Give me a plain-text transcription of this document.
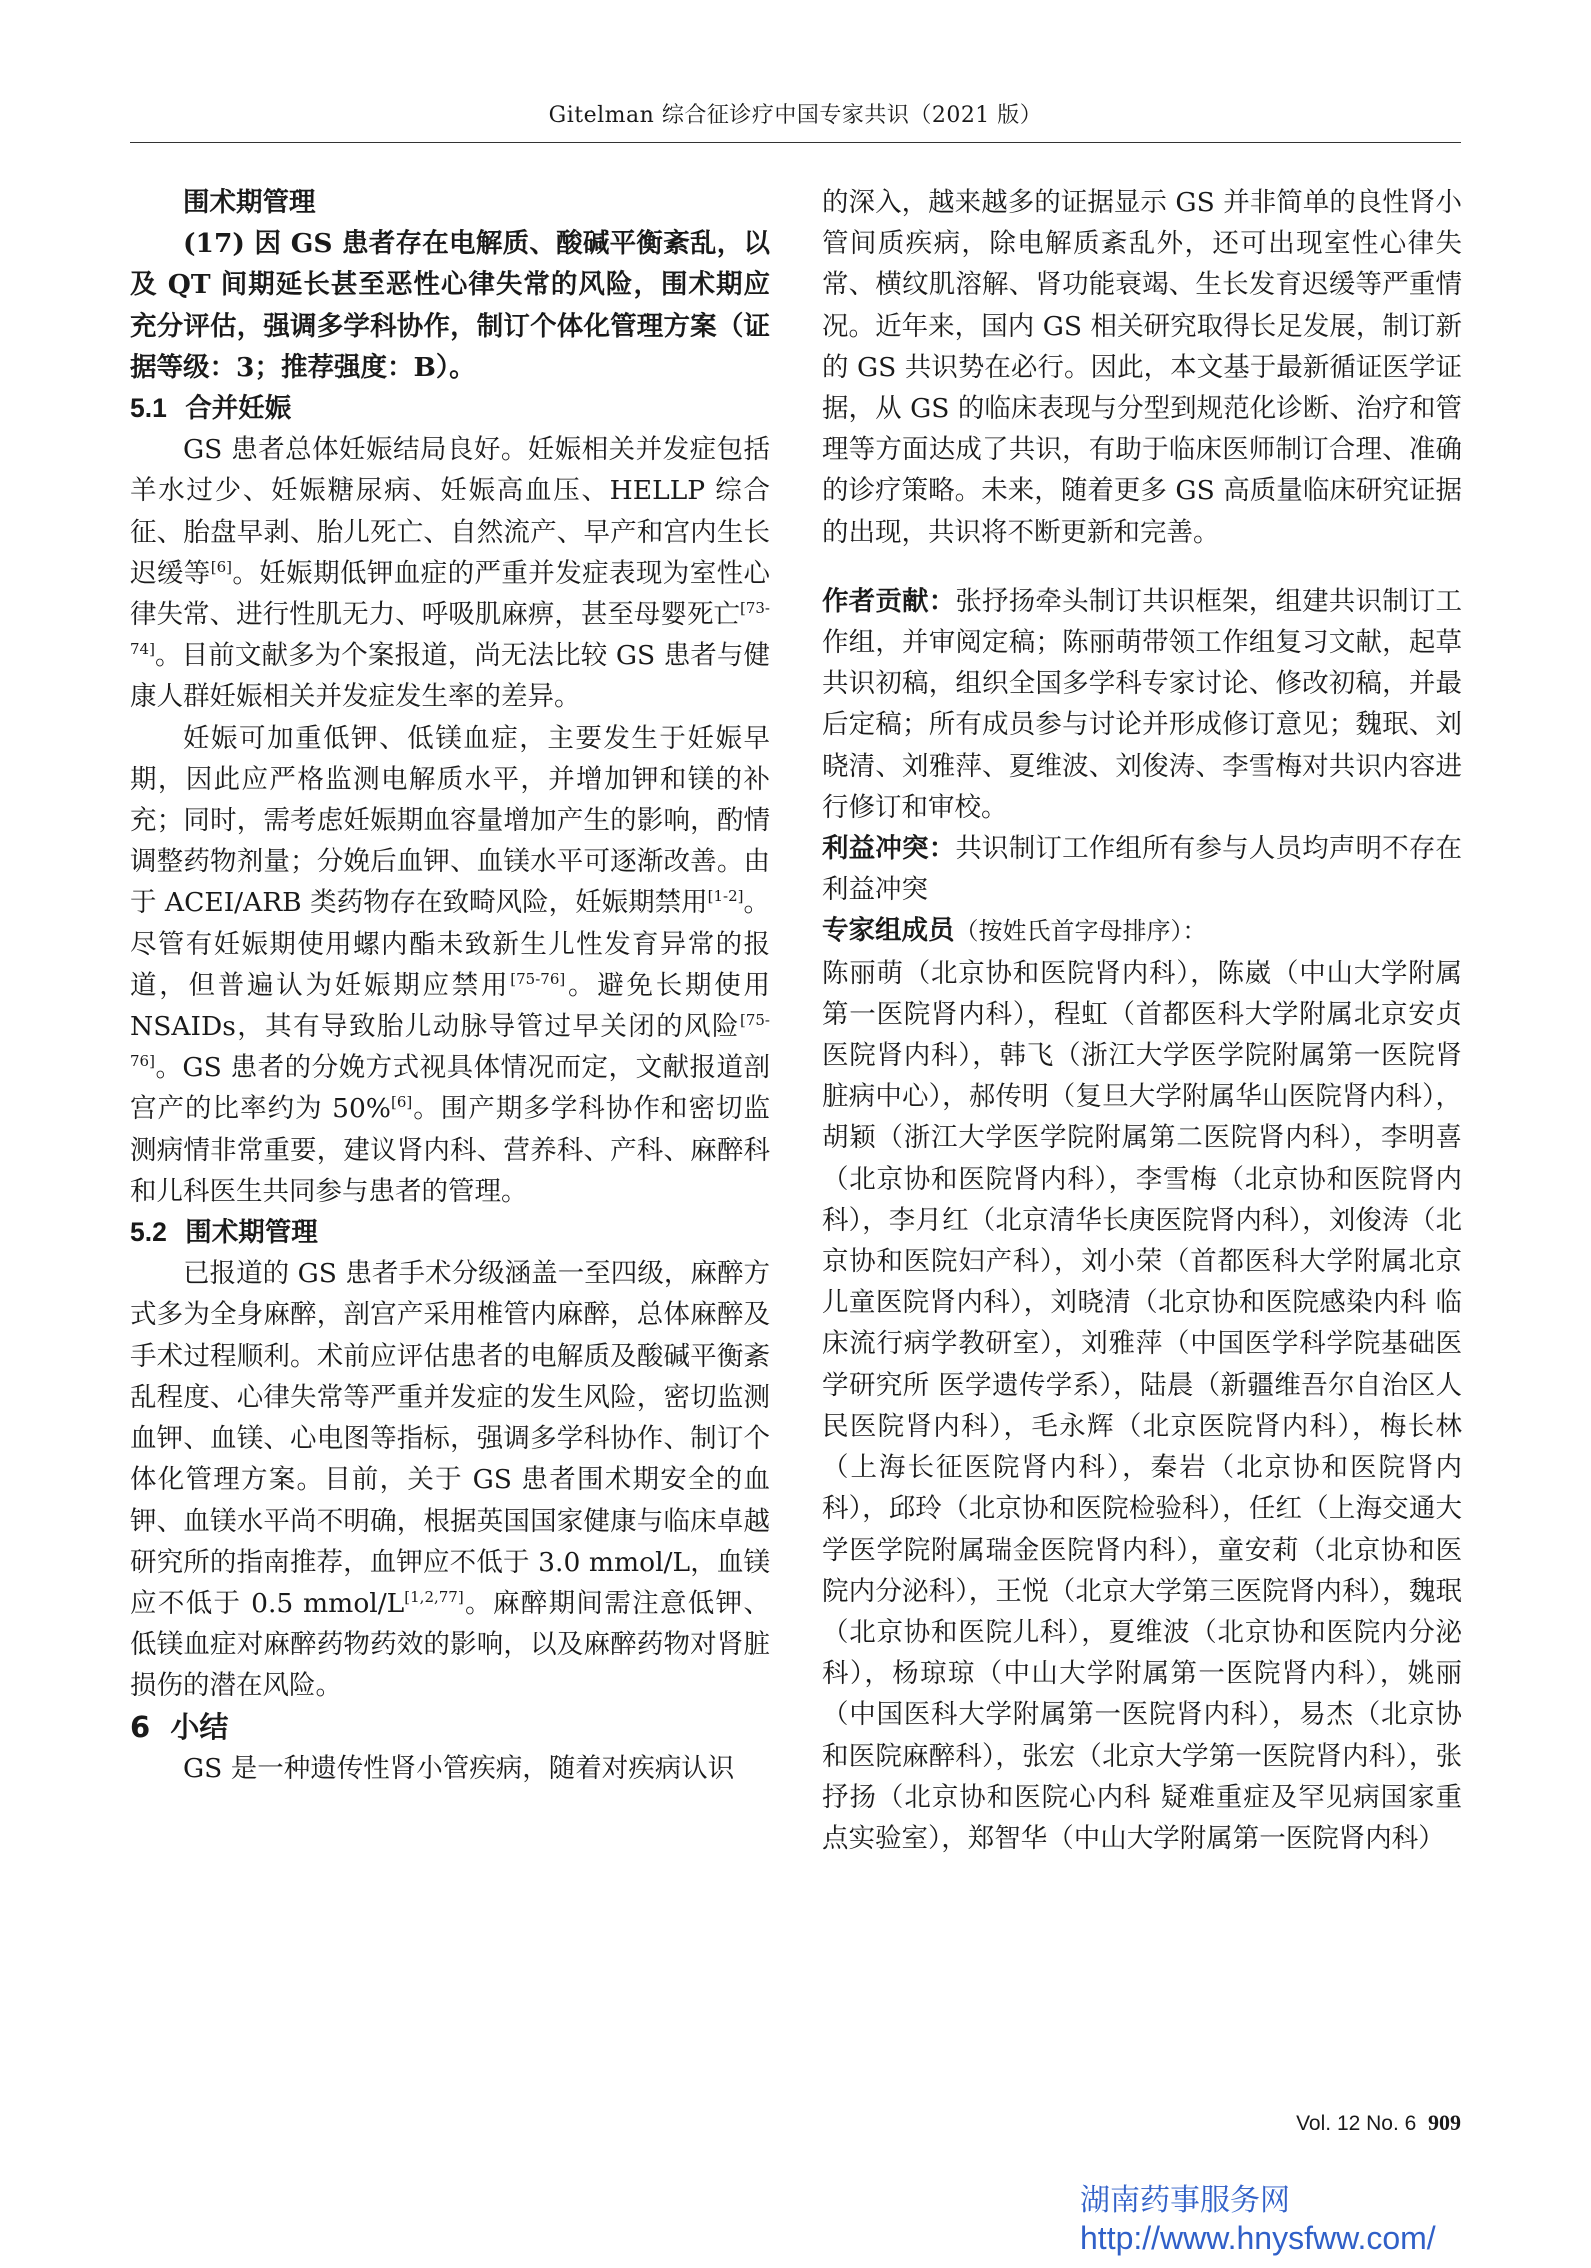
Gitelman 综合征诊疗中国专家共识（2021 版）

围术期管理

(17) 因 GS 患者存在电解质、酸碱平衡紊乱，以及 QT 间期延长甚至恶性心律失常的风险，围术期应充分评估，强调多学科协作，制订个体化管理方案（证据等级：3；推荐强度：B）。

5.1 合并妊娠

GS 患者总体妊娠结局良好。妊娠相关并发症包括羊水过少、妊娠糖尿病、妊娠高血压、HELLP 综合征、胎盘早剥、胎儿死亡、自然流产、早产和宫内生长迟缓等[6]。妊娠期低钾血症的严重并发症表现为室性心律失常、进行性肌无力、呼吸肌麻痹，甚至母婴死亡[73-74]。目前文献多为个案报道，尚无法比较 GS 患者与健康人群妊娠相关并发症发生率的差异。

妊娠可加重低钾、低镁血症，主要发生于妊娠早期，因此应严格监测电解质水平，并增加钾和镁的补充；同时，需考虑妊娠期血容量增加产生的影响，酌情调整药物剂量；分娩后血钾、血镁水平可逐渐改善。由于 ACEI/ARB 类药物存在致畸风险，妊娠期禁用[1-2]。尽管有妊娠期使用螺内酯未致新生儿性发育异常的报道，但普遍认为妊娠期应禁用[75-76]。避免长期使用 NSAIDs，其有导致胎儿动脉导管过早关闭的风险[75-76]。GS 患者的分娩方式视具体情况而定，文献报道剖宫产的比率约为 50%[6]。围产期多学科协作和密切监测病情非常重要，建议肾内科、营养科、产科、麻醉科和儿科医生共同参与患者的管理。

5.2 围术期管理

已报道的 GS 患者手术分级涵盖一至四级，麻醉方式多为全身麻醉，剖宫产采用椎管内麻醉，总体麻醉及手术过程顺利。术前应评估患者的电解质及酸碱平衡紊乱程度、心律失常等严重并发症的发生风险，密切监测血钾、血镁、心电图等指标，强调多学科协作、制订个体化管理方案。目前，关于 GS 患者围术期安全的血钾、血镁水平尚不明确，根据英国国家健康与临床卓越研究所的指南推荐，血钾应不低于 3.0 mmol/L，血镁应不低于 0.5 mmol/L[1,2,77]。麻醉期间需注意低钾、低镁血症对麻醉药物药效的影响，以及麻醉药物对肾脏损伤的潜在风险。

6 小结

GS 是一种遗传性肾小管疾病，随着对疾病认识

的深入，越来越多的证据显示 GS 并非简单的良性肾小管间质疾病，除电解质紊乱外，还可出现室性心律失常、横纹肌溶解、肾功能衰竭、生长发育迟缓等严重情况。近年来，国内 GS 相关研究取得长足发展，制订新的 GS 共识势在必行。因此，本文基于最新循证医学证据，从 GS 的临床表现与分型到规范化诊断、治疗和管理等方面达成了共识，有助于临床医师制订合理、准确的诊疗策略。未来，随着更多 GS 高质量临床研究证据的出现，共识将不断更新和完善。

作者贡献：张抒扬牵头制订共识框架，组建共识制订工作组，并审阅定稿；陈丽萌带领工作组复习文献，起草共识初稿，组织全国多学科专家讨论、修改初稿，并最后定稿；所有成员参与讨论并形成修订意见；魏珉、刘晓清、刘雅萍、夏维波、刘俊涛、李雪梅对共识内容进行修订和审校。

利益冲突：共识制订工作组所有参与人员均声明不存在利益冲突

专家组成员（按姓氏首字母排序）：

陈丽萌（北京协和医院肾内科），陈崴（中山大学附属第一医院肾内科），程虹（首都医科大学附属北京安贞医院肾内科），韩飞（浙江大学医学院附属第一医院肾脏病中心），郝传明（复旦大学附属华山医院肾内科），胡颖（浙江大学医学院附属第二医院肾内科），李明喜（北京协和医院肾内科），李雪梅（北京协和医院肾内科），李月红（北京清华长庚医院肾内科），刘俊涛（北京协和医院妇产科），刘小荣（首都医科大学附属北京儿童医院肾内科），刘晓清（北京协和医院感染内科 临床流行病学教研室），刘雅萍（中国医学科学院基础医学研究所 医学遗传学系），陆晨（新疆维吾尔自治区人民医院肾内科），毛永辉（北京医院肾内科），梅长林（上海长征医院肾内科），秦岩（北京协和医院肾内科），邱玲（北京协和医院检验科），任红（上海交通大学医学院附属瑞金医院肾内科），童安莉（北京协和医院内分泌科），王悦（北京大学第三医院肾内科），魏珉（北京协和医院儿科），夏维波（北京协和医院内分泌科），杨琼琼（中山大学附属第一医院肾内科），姚丽（中国医科大学附属第一医院肾内科），易杰（北京协和医院麻醉科），张宏（北京大学第一医院肾内科），张抒扬（北京协和医院心内科 疑难重症及罕见病国家重点实验室），郑智华（中山大学附属第一医院肾内科）

Vol. 12 No. 6 909
湖南药事服务网
http://www.hnysfww.com/
